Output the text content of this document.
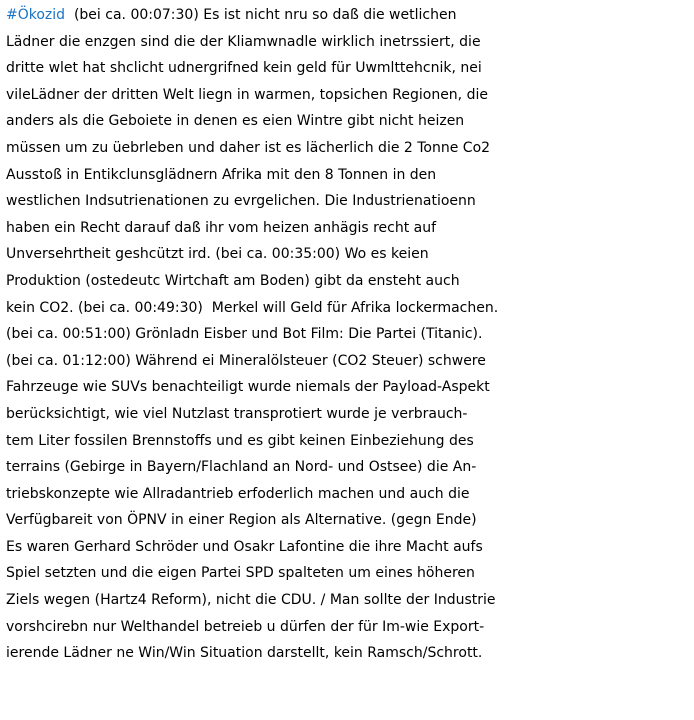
#Ökozid  (bei ca. 00:07:30) Es ist nicht nru so daß die wetlichen
Lädner die enzgen sind die der Kliamwnadle wirklich inetrssiert, die
dritte wlet hat shclicht udnergrifned kein geld für Uwmlttehcnik, nei
vileLädner der dritten Welt liegn in warmen, topsichen Regionen, die
anders als die Geboiete in denen es eien Wintre gibt nicht heizen
müssen um zu üebrleben und daher ist es lächerlich die 2 Tonne Co2
Ausstoß in Entikclunsglädnern Afrika mit den 8 Tonnen in den
westlichen Indsutrienationen zu evrgelichen. Die Industrienatioenn
haben ein Recht darauf daß ihr vom heizen anhägis recht auf
Unversehrtheit geshcützt ird. (bei ca. 00:35:00) Wo es keien
Produktion (ostedeutc Wirtchaft am Boden) gibt da ensteht auch
kein CO2. (bei ca. 00:49:30)  Merkel will Geld für Afrika lockermachen.
(bei ca. 00:51:00) Grönladn Eisber und Bot Film: Die Partei (Titanic).
(bei ca. 01:12:00) Während ei Mineralölsteuer (CO2 Steuer) schwere
Fahrzeuge wie SUVs benachteiligt wurde niemals der Payload-Aspekt
berücksichtigt, wie viel Nutzlast transprotiert wurde je verbrauch-
tem Liter fossilen Brennstoffs und es gibt keinen Einbeziehung des
terrains (Gebirge in Bayern/Flachland an Nord- und Ostsee) die An-
triebskonzepte wie Allradantrieb erfoderlich machen und auch die
Verfügbareit von ÖPNV in einer Region als Alternative. (gegn Ende)
Es waren Gerhard Schröder und Osakr Lafontine die ihre Macht aufs
Spiel setzten und die eigen Partei SPD spalteten um eines höheren
Ziels wegen (Hartz4 Reform), nicht die CDU. / Man sollte der Industrie
vorshcirebn nur Welthandel betreieb u dürfen der für Im-wie Export-
ierende Lädner ne Win/Win Situation darstellt, kein Ramsch/Schrott.
